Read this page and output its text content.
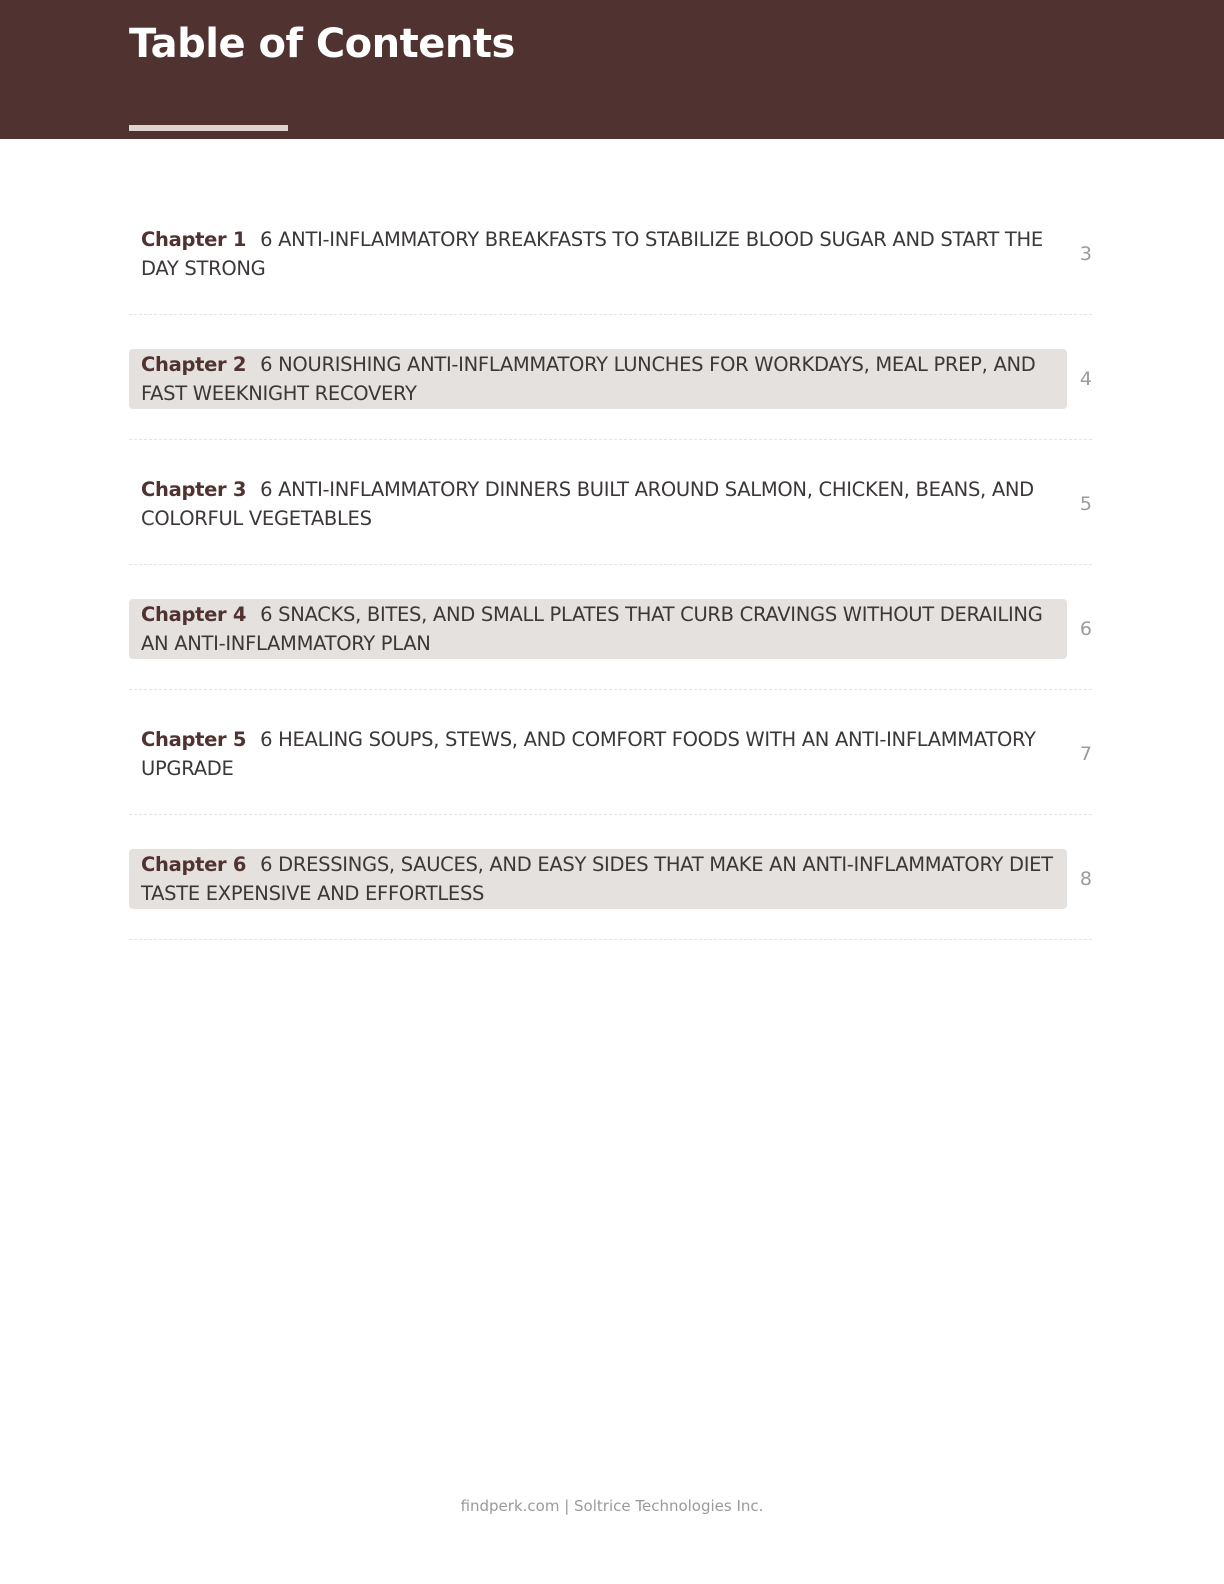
Table of Contents
Chapter 1 6 ANTI-INFLAMMATORY BREAKFASTS TO STABILIZE BLOOD SUGAR AND START THE DAY STRONG
3
Chapter 2 6 NOURISHING ANTI-INFLAMMATORY LUNCHES FOR WORKDAYS, MEAL PREP, AND FAST WEEKNIGHT RECOVERY
4
Chapter 3 6 ANTI-INFLAMMATORY DINNERS BUILT AROUND SALMON, CHICKEN, BEANS, AND COLORFUL VEGETABLES
5
Chapter 4 6 SNACKS, BITES, AND SMALL PLATES THAT CURB CRAVINGS WITHOUT DERAILING AN ANTI-INFLAMMATORY PLAN
6
Chapter 5 6 HEALING SOUPS, STEWS, AND COMFORT FOODS WITH AN ANTI-INFLAMMATORY UPGRADE
7
Chapter 6 6 DRESSINGS, SAUCES, AND EASY SIDES THAT MAKE AN ANTI-INFLAMMATORY DIET TASTE EXPENSIVE AND EFFORTLESS
8
findperk.com | Soltrice Technologies Inc.
